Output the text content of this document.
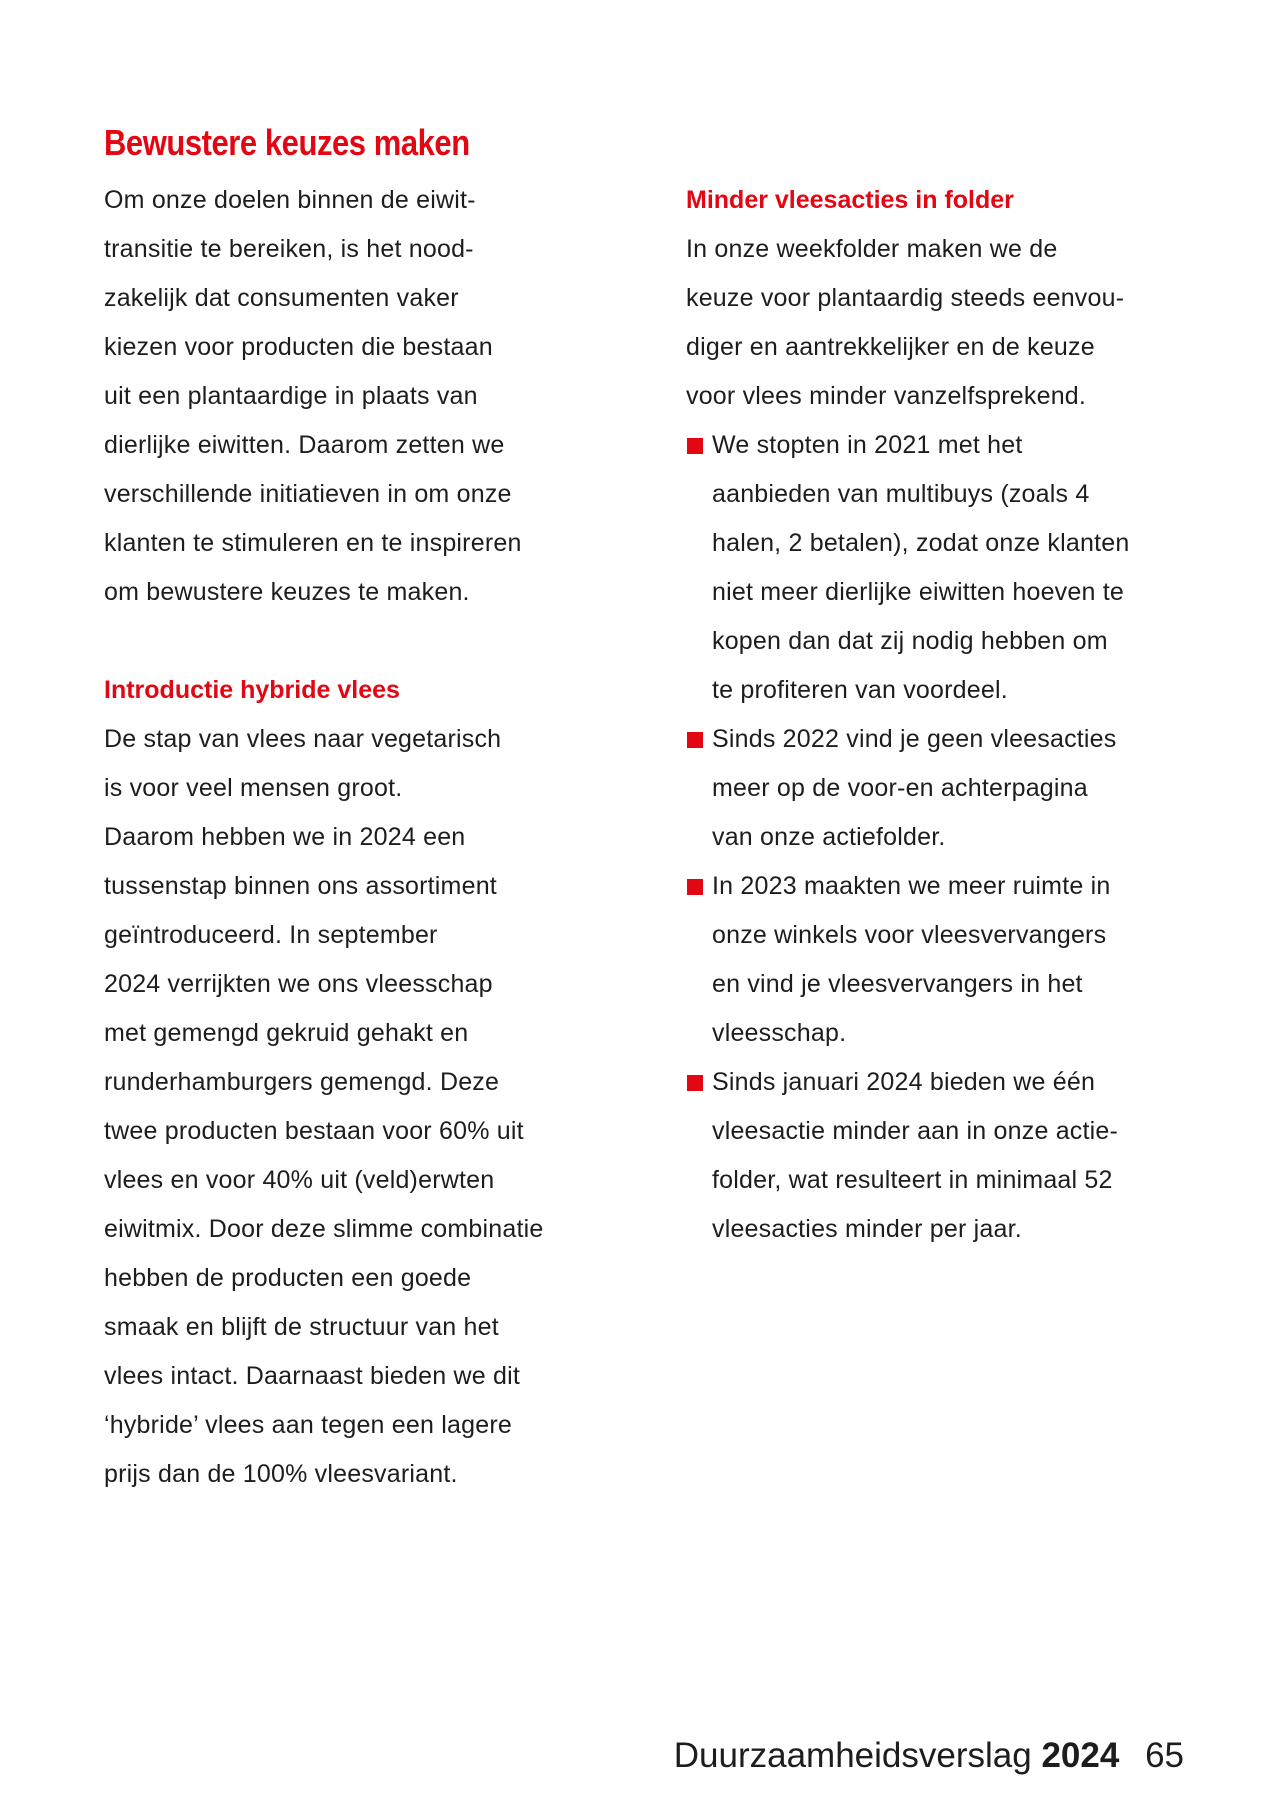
Bewustere keuzes maken
Om onze doelen binnen de eiwit-
transitie te bereiken, is het nood-
zakelijk dat consumenten vaker
kiezen voor producten die bestaan
uit een plantaardige in plaats van
dierlijke eiwitten. Daarom zetten we
verschillende initiatieven in om onze
klanten te stimuleren en te inspireren
om bewustere keuzes te maken.
Introductie hybride vlees
De stap van vlees naar vegetarisch
is voor veel mensen groot.
Daarom hebben we in 2024 een
tussenstap binnen ons assortiment
geïntroduceerd. In september
2024 verrijkten we ons vleesschap
met gemengd gekruid gehakt en
runderhamburgers gemengd. Deze
twee producten bestaan voor 60% uit
vlees en voor 40% uit (veld)erwten
eiwitmix. Door deze slimme combinatie
hebben de producten een goede
smaak en blijft de structuur van het
vlees intact. Daarnaast bieden we dit
‘hybride’ vlees aan tegen een lagere
prijs dan de 100% vleesvariant.
Minder vleesacties in folder
In onze weekfolder maken we de
keuze voor plantaardig steeds eenvou-
diger en aantrekkelijker en de keuze
voor vlees minder vanzelfsprekend.
We stopten in 2021 met het
aanbieden van multibuys (zoals 4
halen, 2 betalen), zodat onze klanten
niet meer dierlijke eiwitten hoeven te
kopen dan dat zij nodig hebben om
te profiteren van voordeel.
Sinds 2022 vind je geen vleesacties
meer op de voor-en achterpagina
van onze actiefolder.
In 2023 maakten we meer ruimte in
onze winkels voor vleesvervangers
en vind je vleesvervangers in het
vleesschap.
Sinds januari 2024 bieden we één
vleesactie minder aan in onze actie-
folder, wat resulteert in minimaal 52
vleesacties minder per jaar.
Duurzaamheidsverslag 2024 65
